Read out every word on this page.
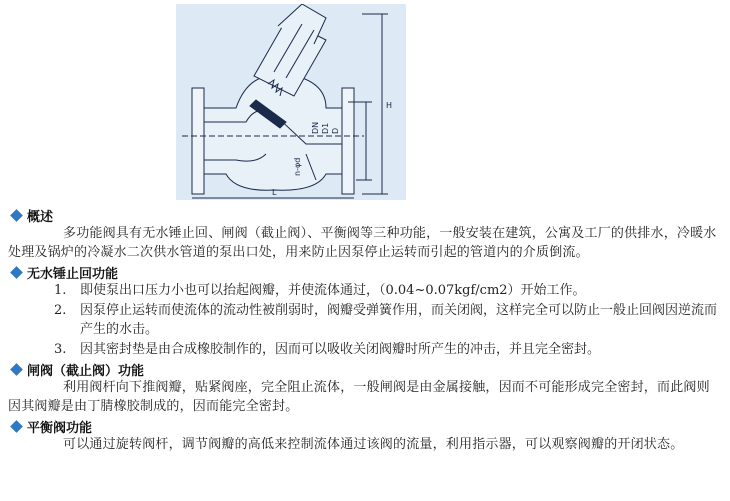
H
L
DN D1 D
n-φd
概述
多功能阀具有无水锤止回、闸阀（截止阀）、平衡阀等三种功能，一般安装在建筑，公寓及工厂的供排水，冷暖水处理及锅炉的冷凝水二次供水管道的泵出口处，用来防止因泵停止运转而引起的管道内的介质倒流。
无水锤止回功能
1.	即使泵出口压力小也可以抬起阀瓣，并使流体通过，（0.04~0.07kgf/cm2）开始工作。
2.	因泵停止运转而使流体的流动性被削弱时，阀瓣受弹簧作用，而关闭阀，这样完全可以防止一般止回阀因逆流而产生的水击。
3.	因其密封垫是由合成橡胶制作的，因而可以吸收关闭阀瓣时所产生的冲击，并且完全密封。
闸阀（截止阀）功能
利用阀杆向下推阀瓣，贴紧阀座，完全阻止流体，一般闸阀是由金属接触，因而不可能形成完全密封，而此阀则因其阀瓣是由丁腈橡胶制成的，因而能完全密封。
平衡阀功能
可以通过旋转阀杆，调节阀瓣的高低来控制流体通过该阀的流量，利用指示器，可以观察阀瓣的开闭状态。
